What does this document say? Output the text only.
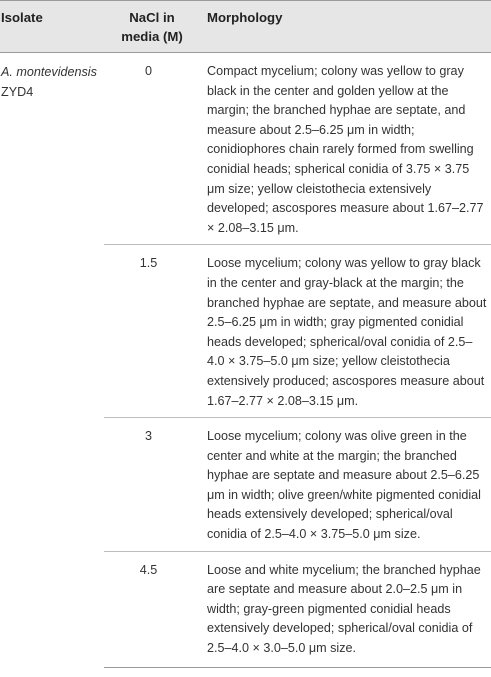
Isolate	NaCl in
media (M)	Morphology
A. montevidensis
ZYD4	0	Compact mycelium; colony was yellow to gray black in the center and golden yellow at the margin; the branched hyphae are septate, and measure about 2.5–6.25 μm in width; conidiophores chain rarely formed from swelling conidial heads; spherical conidia of 3.75 × 3.75 μm size; yellow cleistothecia extensively developed; ascospores measure about 1.67–2.77 × 2.08–3.15 μm.
	1.5	Loose mycelium; colony was yellow to gray black in the center and gray-black at the margin; the branched hyphae are septate, and measure about 2.5–6.25 μm in width; gray pigmented conidial heads developed; spherical/oval conidia of 2.5–4.0 × 3.75–5.0 μm size; yellow cleistothecia extensively produced; ascospores measure about 1.67–2.77 × 2.08–3.15 μm.
	3	Loose mycelium; colony was olive green in the center and white at the margin; the branched hyphae are septate and measure about 2.5–6.25 μm in width; olive green/white pigmented conidial heads extensively developed; spherical/oval conidia of 2.5–4.0 × 3.75–5.0 μm size.
	4.5	Loose and white mycelium; the branched hyphae are septate and measure about 2.0–2.5 μm in width; gray-green pigmented conidial heads extensively developed; spherical/oval conidia of 2.5–4.0 × 3.0–5.0 μm size.
